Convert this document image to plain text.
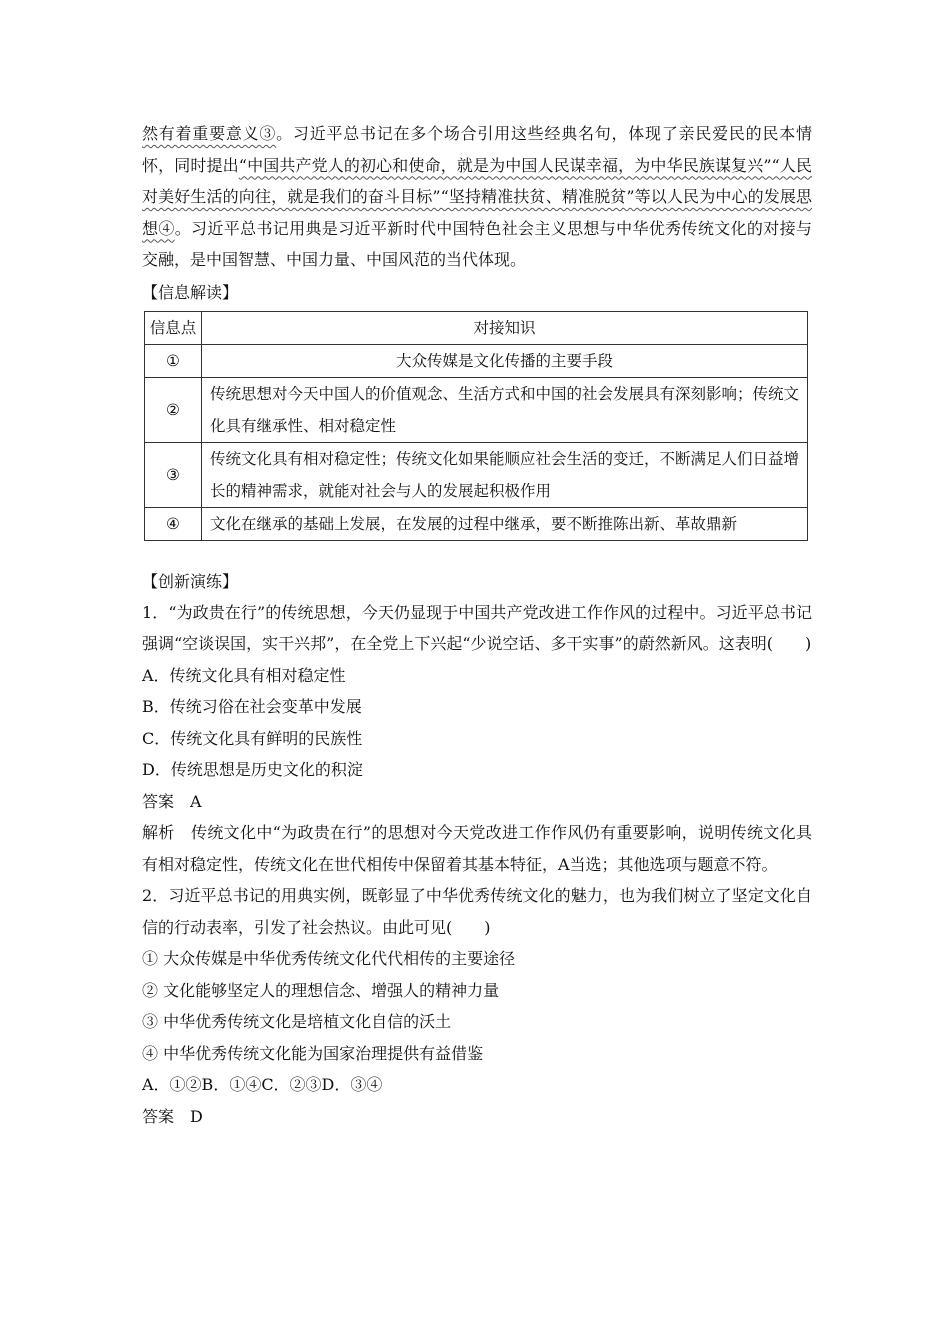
然有着重要意义③。习近平总书记在多个场合引用这些经典名句，体现了亲民爱民的民本情怀，同时提出“中国共产党人的初心和使命，就是为中国人民谋幸福，为中华民族谋复兴”“人民对美好生活的向往，就是我们的奋斗目标”“坚持精准扶贫、精准脱贫”等以人民为中心的发展思想④。习近平总书记用典是习近平新时代中国特色社会主义思想与中华优秀传统文化的对接与交融，是中国智慧、中国力量、中国风范的当代体现。

【信息解读】

信息点	对接知识
①	大众传媒是文化传播的主要手段
②	传统思想对今天中国人的价值观念、生活方式和中国的社会发展具有深刻影响；传统文化具有继承性、相对稳定性
③	传统文化具有相对稳定性；传统文化如果能顺应社会生活的变迁，不断满足人们日益增长的精神需求，就能对社会与人的发展起积极作用
④	文化在继承的基础上发展，在发展的过程中继承，要不断推陈出新、革故鼎新

【创新演练】

1．“为政贵在行”的传统思想，今天仍显现于中国共产党改进工作作风的过程中。习近平总书记强调“空谈误国，实干兴邦”，在全党上下兴起“少说空话、多干实事”的蔚然新风。这表明(　　)

A．传统文化具有相对稳定性

B．传统习俗在社会变革中发展

C．传统文化具有鲜明的民族性

D．传统思想是历史文化的积淀

答案　A

解析　传统文化中“为政贵在行”的思想对今天党改进工作作风仍有重要影响，说明传统文化具有相对稳定性，传统文化在世代相传中保留着其基本特征，A当选；其他选项与题意不符。

2．习近平总书记的用典实例，既彰显了中华优秀传统文化的魅力，也为我们树立了坚定文化自信的行动表率，引发了社会热议。由此可见(　　)

① 大众传媒是中华优秀传统文化代代相传的主要途径

② 文化能够坚定人的理想信念、增强人的精神力量

③ 中华优秀传统文化是培植文化自信的沃土

④ 中华优秀传统文化能为国家治理提供有益借鉴

A．①②B．①④C．②③D．③④

答案　D
